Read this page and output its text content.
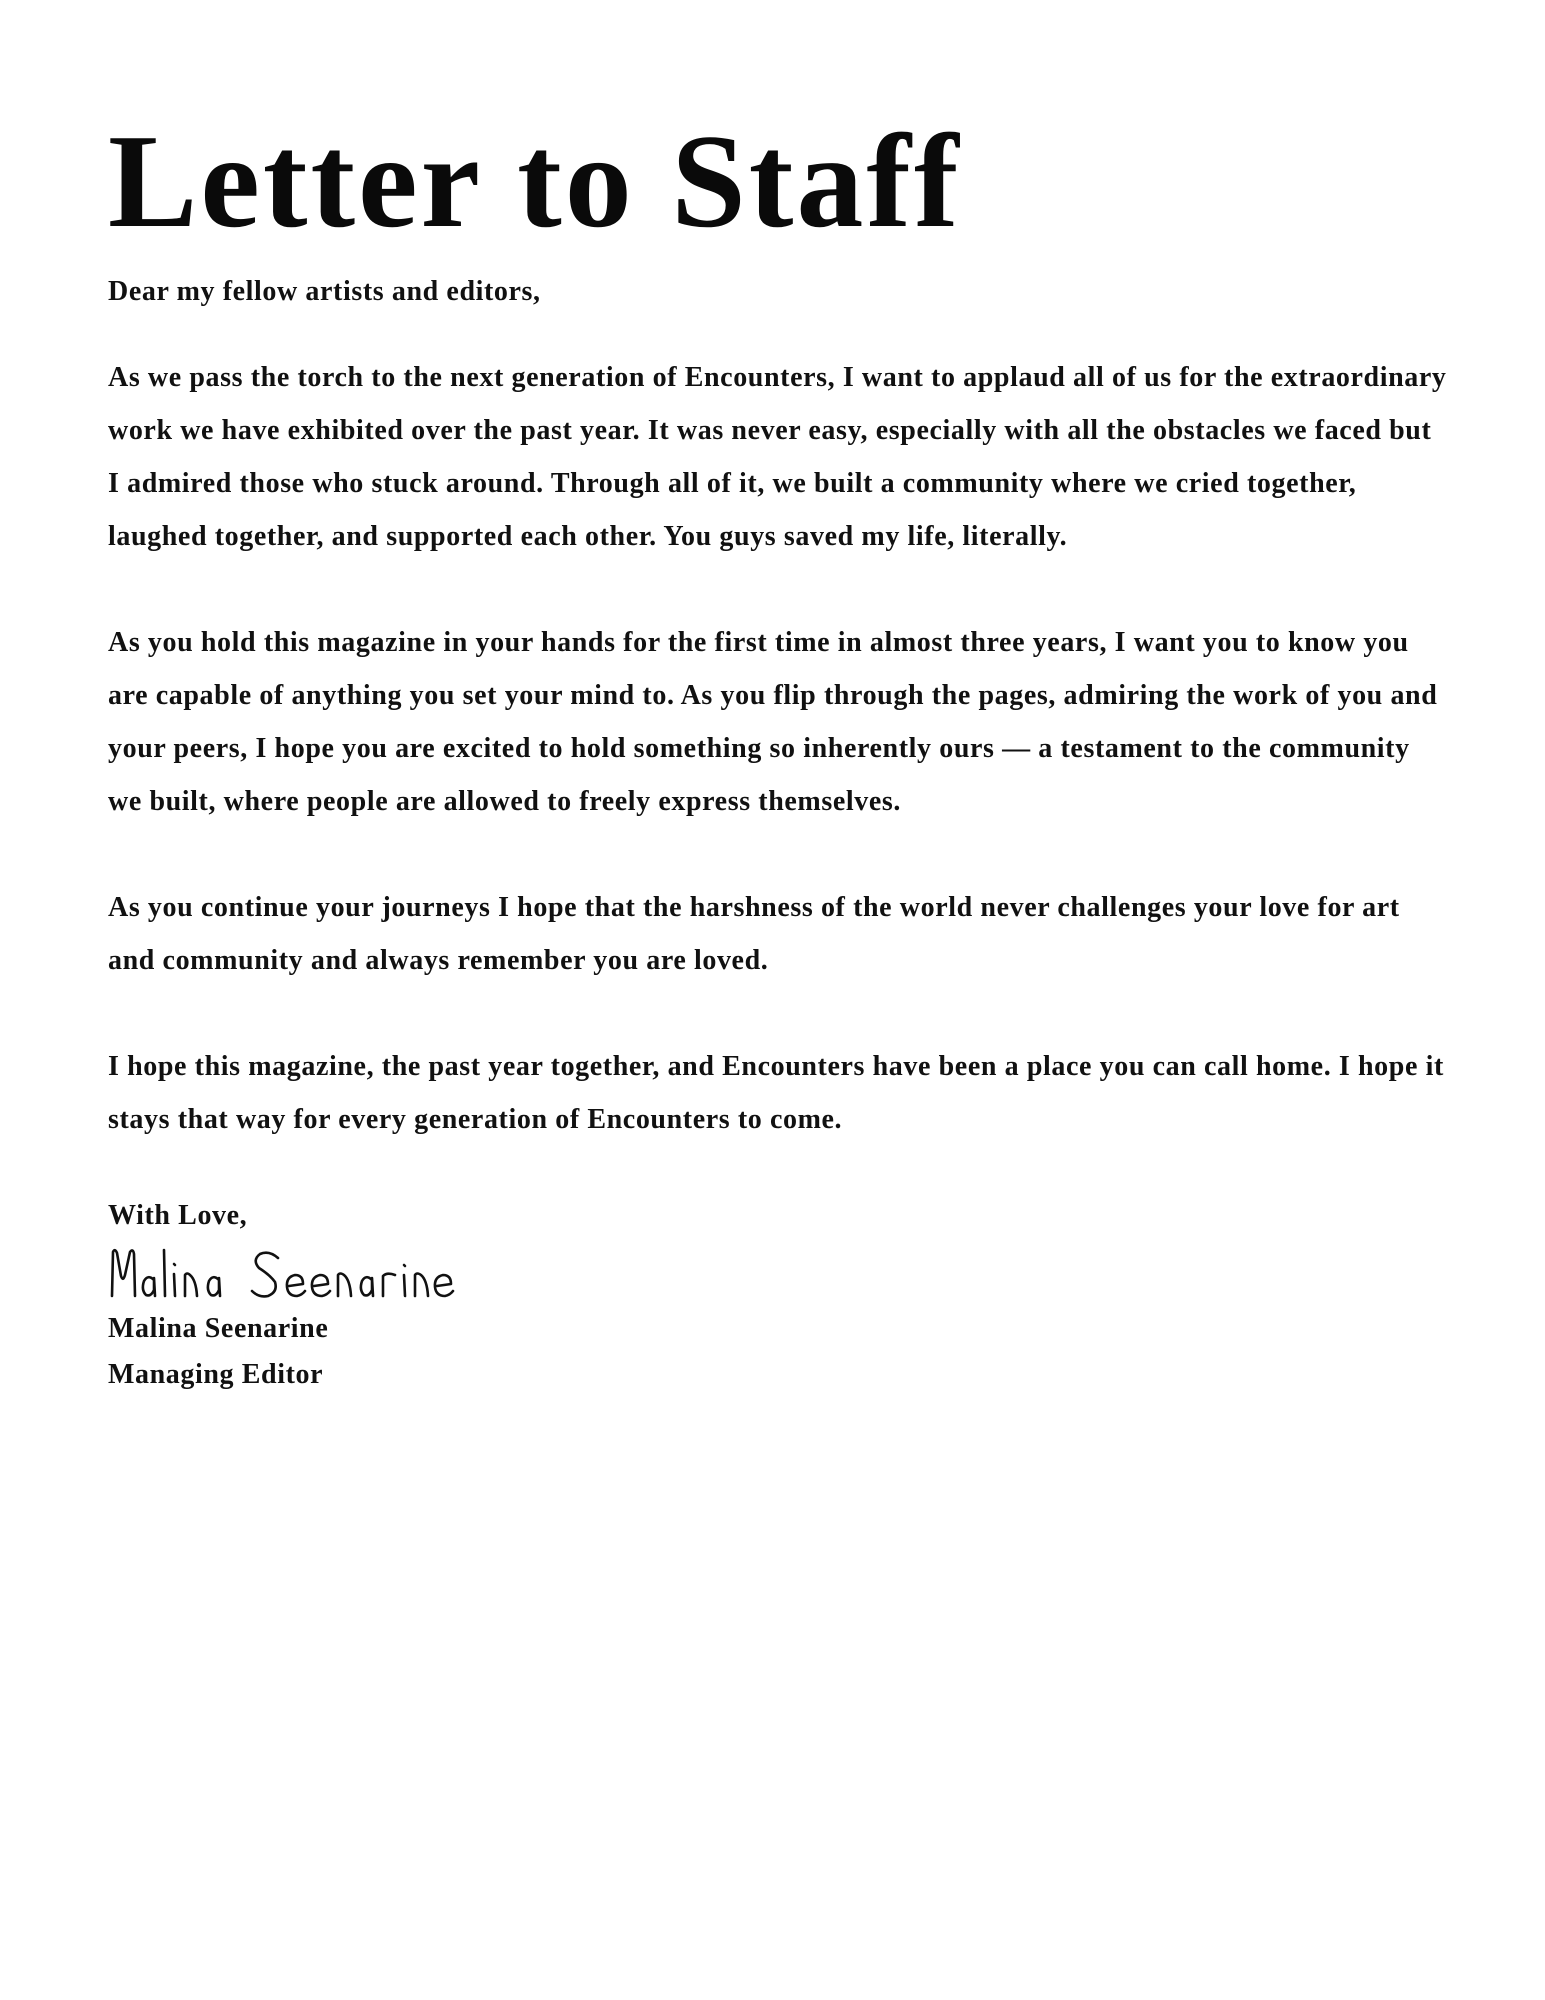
Letter to Staff

Dear my fellow artists and editors,

As we pass the torch to the next generation of Encounters, I want to applaud all of us for the extraordinary work we have exhibited over the past year. It was never easy, especially with all the obstacles we faced but I admired those who stuck around. Through all of it, we built a community where we cried together, laughed together, and supported each other. You guys saved my life, literally.

As you hold this magazine in your hands for the first time in almost three years, I want you to know you are capable of anything you set your mind to. As you flip through the pages, admiring the work of you and your peers, I hope you are excited to hold something so inherently ours — a testament to the community we built, where people are allowed to freely express themselves.

As you continue your journeys I hope that the harshness of the world never challenges your love for art and community and always remember you are loved.

I hope this magazine, the past year together, and Encounters have been a place you can call home. I hope it stays that way for every generation of Encounters to come.

With Love,

Malina Seenarine

Managing Editor
